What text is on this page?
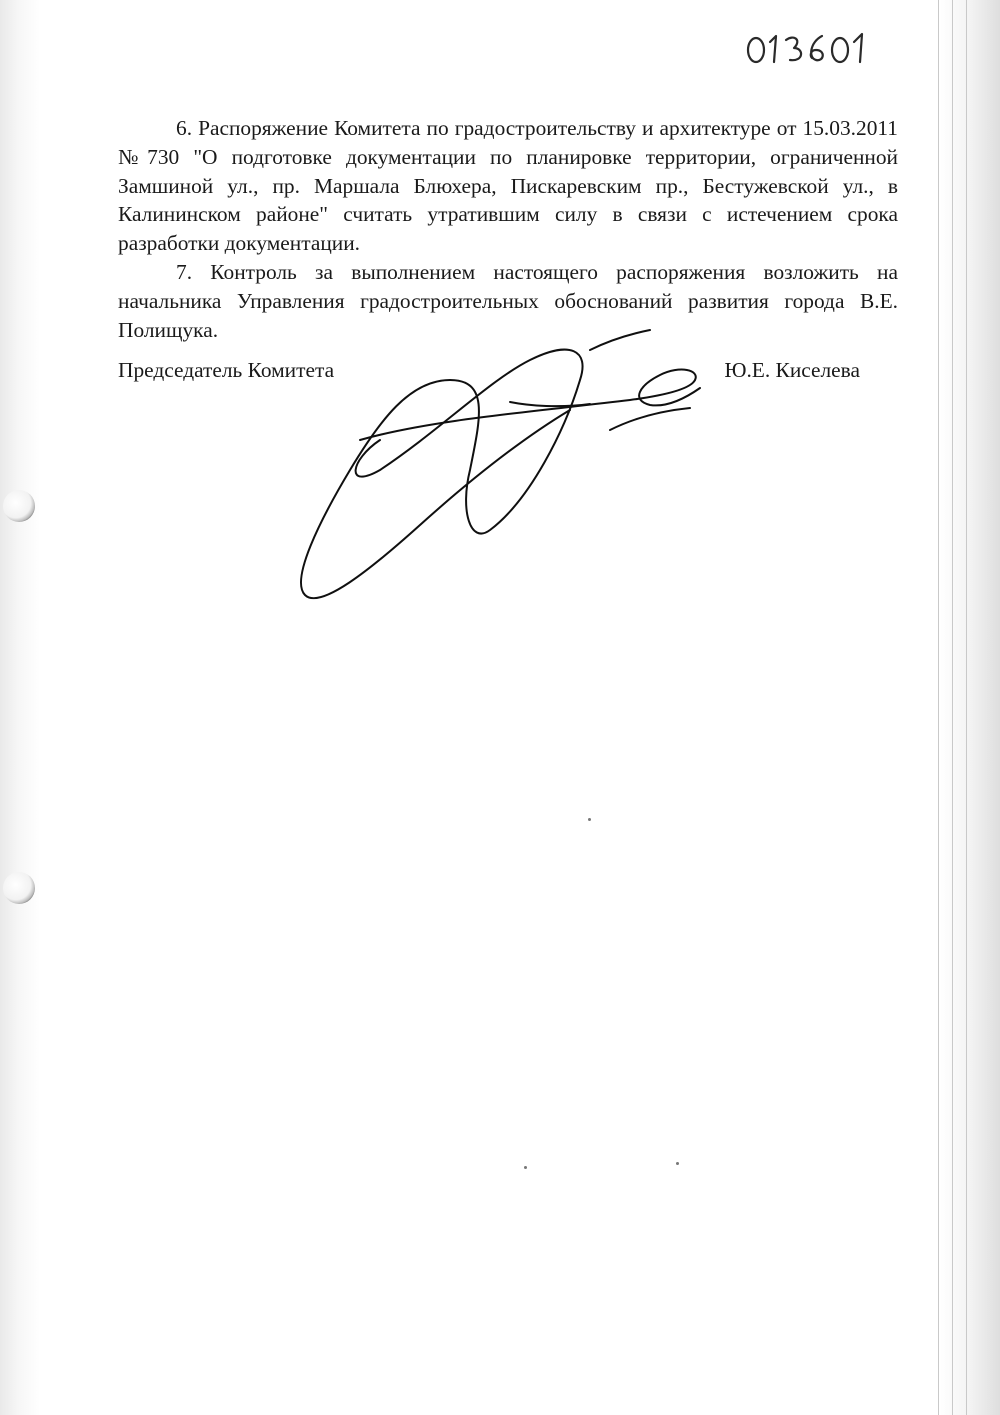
6. Распоряжение Комитета по градостроительству и архитектуре от 15.03.2011 №730 "О подготовке документации по планировке территории, ограниченной Замшиной ул., пр. Маршала Блюхера, Пискаревским пр., Бестужевской ул., в Калининском районе" считать утратившим силу в связи с истечением срока разработки документации.

7. Контроль за выполнением настоящего распоряжения возложить на начальника Управления градостроительных обоснований развития города В.Е. Полищука.

Председатель Комитета	Ю.Е. Киселева
